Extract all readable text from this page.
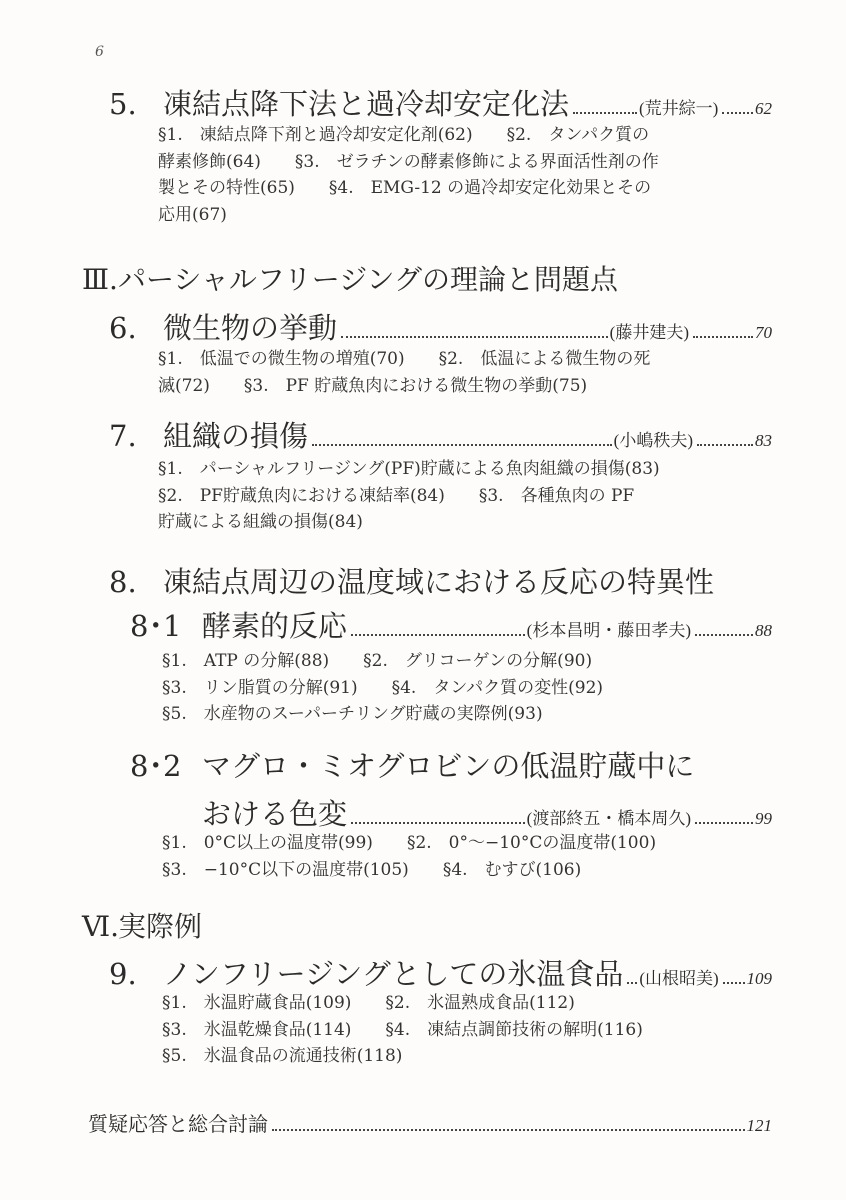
6
5. 凍結点降下法と過冷却安定化法	(荒井綜一) 62
§1.　凍結点降下剤と過冷却安定化剤(62)　　§2.　タンパク質の
酵素修飾(64)　　§3.　ゼラチンの酵素修飾による界面活性剤の作
製とその特性(65)　　§4.　EMG-12 の過冷却安定化効果とその
応用(67)
Ⅲ. パーシャルフリージングの理論と問題点
6. 微生物の挙動	(藤井建夫)	70
§1.　低温での微生物の増殖(70)　　§2.　低温による微生物の死
滅(72)　　§3.　PF 貯蔵魚肉における微生物の挙動(75)
7. 組織の損傷	(小嶋秩夫)	83
§1.　パーシャルフリージング(PF)貯蔵による魚肉組織の損傷(83)
§2.　PF貯蔵魚肉における凍結率(84)　　§3.　各種魚肉の PF
貯蔵による組織の損傷(84)
8. 凍結点周辺の温度域における反応の特異性
8･1 酵素的反応	(杉本昌明・藤田孝夫)	88
§1.　ATP の分解(88)　　§2.　グリコーゲンの分解(90)
§3.　リン脂質の分解(91)　　§4.　タンパク質の変性(92)
§5.　水産物のスーパーチリング貯蔵の実際例(93)
8･2 マグロ・ミオグロビンの低温貯蔵中に
おける色変	(渡部終五・橋本周久)	99
§1.　0°C以上の温度帯(99)　　§2.　0°〜−10°Cの温度帯(100)
§3.　−10°C以下の温度帯(105)　　§4.　むすび(106)
Ⅵ.
実際例
9. ノンフリージングとしての氷温食品 (山根昭美) 109
§1.　氷温貯蔵食品(109)　　§2.　氷温熟成食品(112)
§3.　氷温乾燥食品(114)　　§4.　凍結点調節技術の解明(116)
§5.　氷温食品の流通技術(118)
質疑応答と総合討論	121
